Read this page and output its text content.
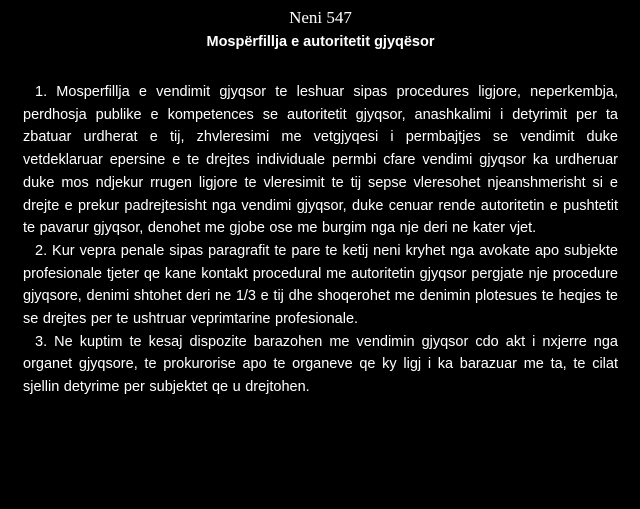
Neni 547
Mospërfillja e autoritetit gjyqësor

1. Mosperfillja e vendimit gjyqsor te leshuar sipas procedures ligjore, neperkembja, perdhosja publike e kompetences se autoritetit gjyqsor, anashkalimi i detyrimit per ta zbatuar urdherat e tij, zhvleresimi me vetgjyqesi i permbajtjes se vendimit duke vetdeklaruar epersine e te drejtes individuale permbi cfare vendimi gjyqsor ka urdheruar duke mos ndjekur rrugen ligjore te vleresimit te tij sepse vleresohet njeanshmerisht si e drejte e prekur padrejtesisht nga vendimi gjyqsor, duke cenuar rende autoritetin e pushtetit te pavarur gjyqsor, denohet me gjobe ose me burgim nga nje deri ne kater vjet.

2. Kur vepra penale sipas paragrafit te pare te ketij neni kryhet nga avokate apo subjekte profesionale tjeter qe kane kontakt procedural me autoritetin gjyqsor pergjate nje procedure gjyqsore, denimi shtohet deri ne 1/3 e tij dhe shoqerohet me denimin plotesues te heqjes te se drejtes per te ushtruar veprimtarine profesionale.

3. Ne kuptim te kesaj dispozite barazohen me vendimin gjyqsor cdo akt i nxjerre nga organet gjyqsore, te prokurorise apo te organeve qe ky ligj i ka barazuar me ta, te cilat sjellin detyrime per subjektet qe u drejtohen.
